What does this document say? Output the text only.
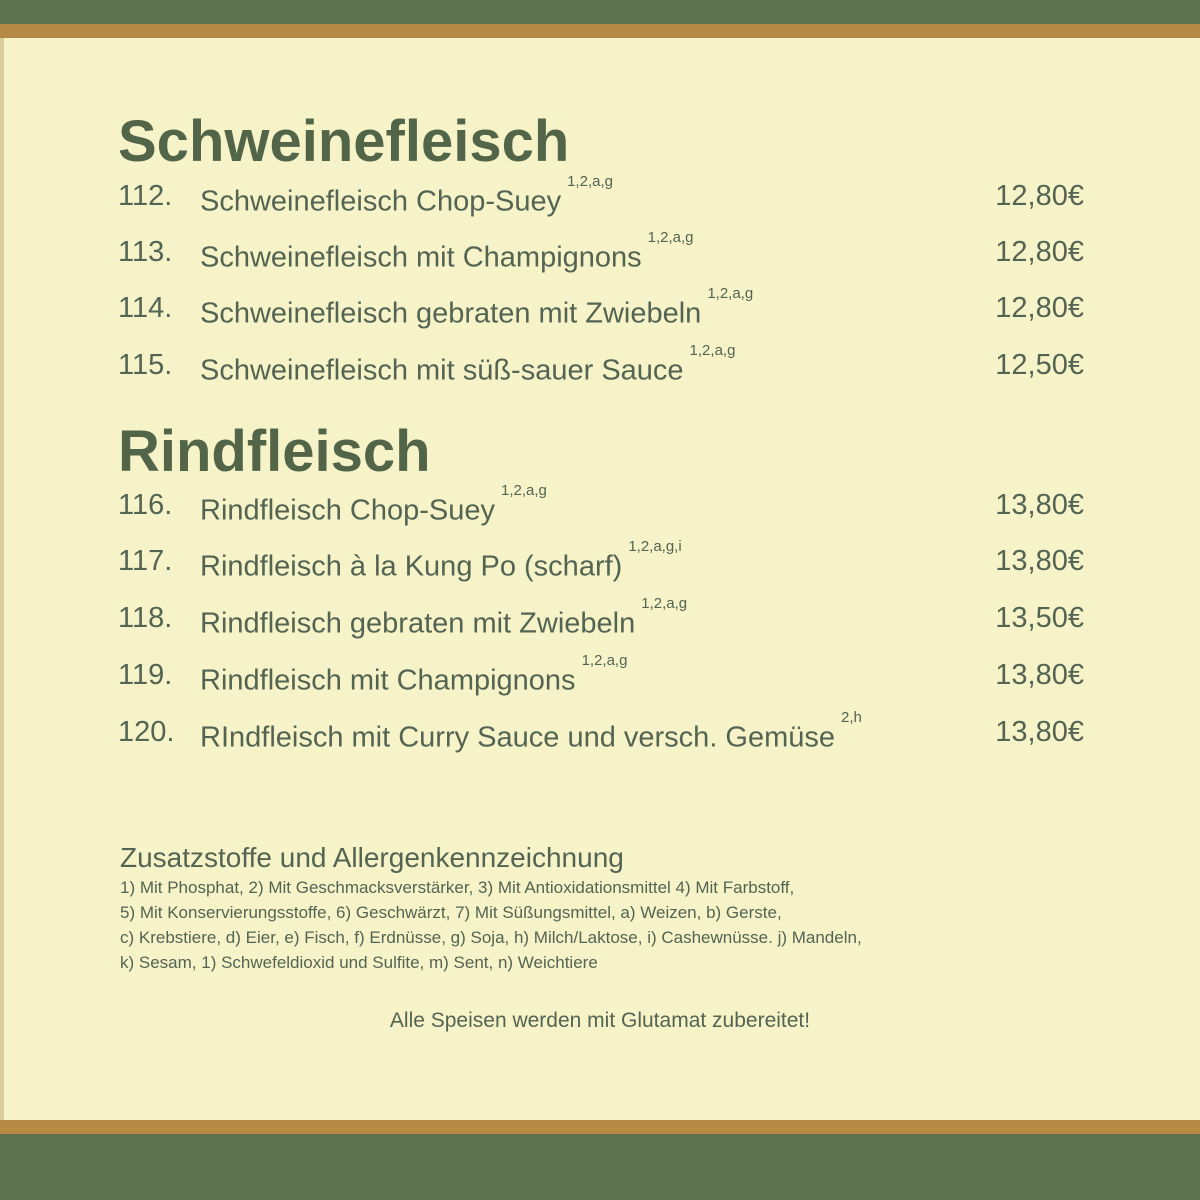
Schweinefleisch
112. Schweinefleisch Chop-Suey$^{1,2,a,g}$	12,80€
113. Schweinefleisch mit Champignons$^{1,2,a,g}$	12,80€
114. Schweinefleisch gebraten mit Zwiebeln$^{1,2,a,g}$	12,80€
115. Schweinefleisch mit süß-sauer Sauce$^{1,2,a,g}$	12,50€
Rindfleisch
116. Rindfleisch Chop-Suey$^{1,2,a,g}$	13,80€
117. Rindfleisch à la Kung Po (scharf)$^{1,2,a,g,i}$	13,80€
118. Rindfleisch gebraten mit Zwiebeln$^{1,2,a,g}$	13,50€
119. Rindfleisch mit Champignons$^{1,2,a,g}$	13,80€
120. RIndfleisch mit Curry Sauce und versch. Gemüse$^{2,h}$	13,80€
Zusatzstoffe und Allergenkennzeichnung
1) Mit Phosphat, 2) Mit Geschmacksverstärker, 3) Mit Antioxidationsmittel 4) Mit Farbstoff,
5) Mit Konservierungsstoffe, 6) Geschwärzt, 7) Mit Süßungsmittel, a) Weizen, b) Gerste,
c) Krebstiere, d) Eier, e) Fisch, f) Erdnüsse, g) Soja, h) Milch/Laktose, i) Cashewnüsse. j) Mandeln,
k) Sesam, 1) Schwefeldioxid und Sulfite, m) Sent, n) Weichtiere
Alle Speisen werden mit Glutamat zubereitet!
